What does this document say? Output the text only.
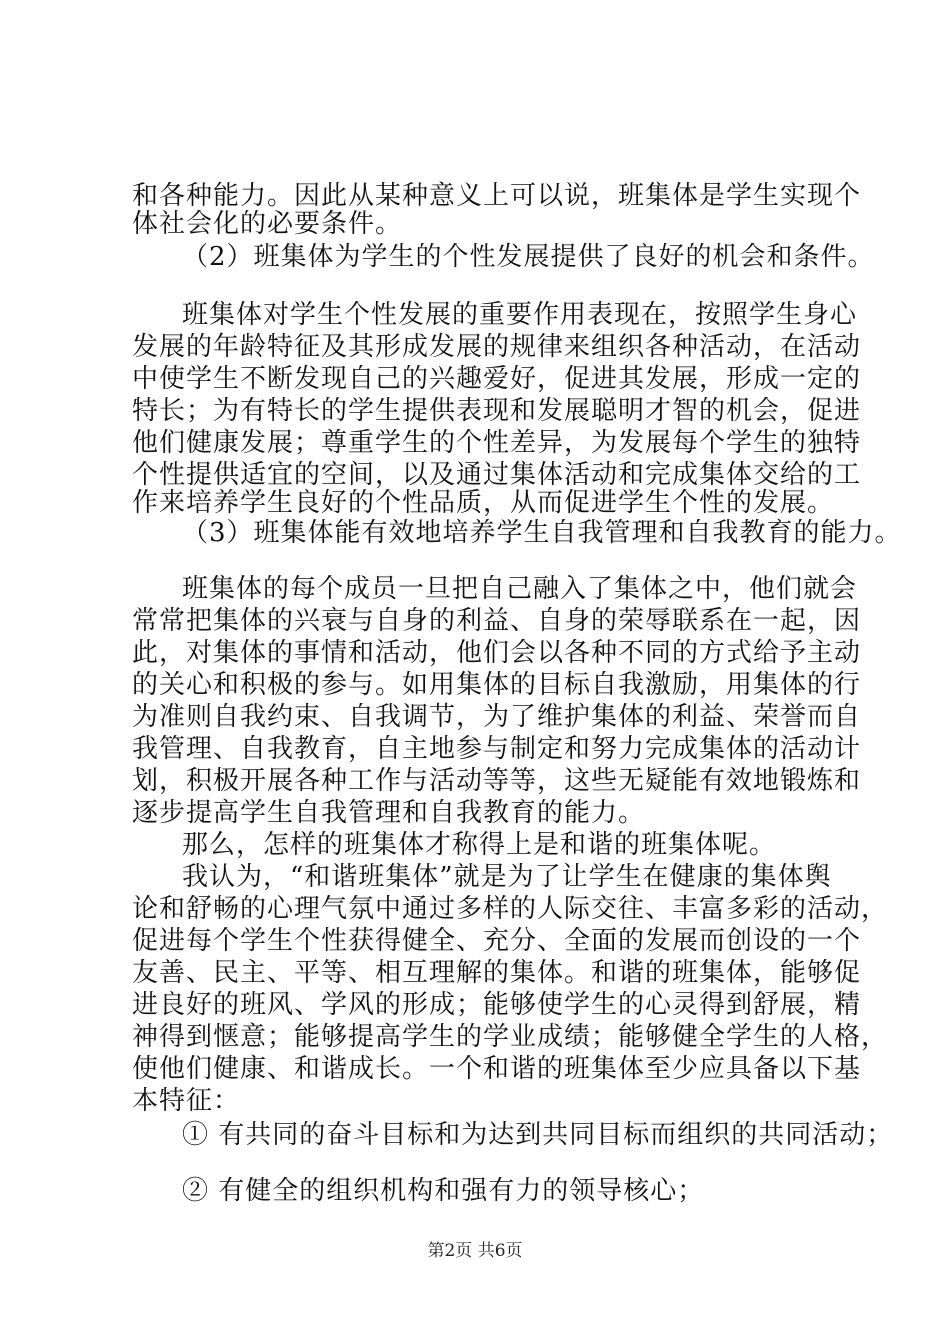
和各种能力。因此从某种意义上可以说，班集体是学生实现个
体社会化的必要条件。
（2）班集体为学生的个性发展提供了良好的机会和条件。
班集体对学生个性发展的重要作用表现在，按照学生身心
发展的年龄特征及其形成发展的规律来组织各种活动，在活动
中使学生不断发现自己的兴趣爱好，促进其发展，形成一定的
特长；为有特长的学生提供表现和发展聪明才智的机会，促进
他们健康发展；尊重学生的个性差异，为发展每个学生的独特
个性提供适宜的空间，以及通过集体活动和完成集体交给的工
作来培养学生良好的个性品质，从而促进学生个性的发展。
（3）班集体能有效地培养学生自我管理和自我教育的能力。
班集体的每个成员一旦把自己融入了集体之中，他们就会
常常把集体的兴衰与自身的利益、自身的荣辱联系在一起，因
此，对集体的事情和活动，他们会以各种不同的方式给予主动
的关心和积极的参与。如用集体的目标自我激励，用集体的行
为准则自我约束、自我调节，为了维护集体的利益、荣誉而自
我管理、自我教育，自主地参与制定和努力完成集体的活动计
划，积极开展各种工作与活动等等，这些无疑能有效地锻炼和
逐步提高学生自我管理和自我教育的能力。
那么，怎样的班集体才称得上是和谐的班集体呢。
我认为，“和谐班集体”就是为了让学生在健康的集体舆
论和舒畅的心理气氛中通过多样的人际交往、丰富多彩的活动，
促进每个学生个性获得健全、充分、全面的发展而创设的一个
友善、民主、平等、相互理解的集体。和谐的班集体，能够促
进良好的班风、学风的形成；能够使学生的心灵得到舒展，精
神得到惬意；能够提高学生的学业成绩；能够健全学生的人格，
使他们健康、和谐成长。一个和谐的班集体至少应具备以下基
本特征：
① 有共同的奋斗目标和为达到共同目标而组织的共同活动；
② 有健全的组织机构和强有力的领导核心；
第2页 共6页
